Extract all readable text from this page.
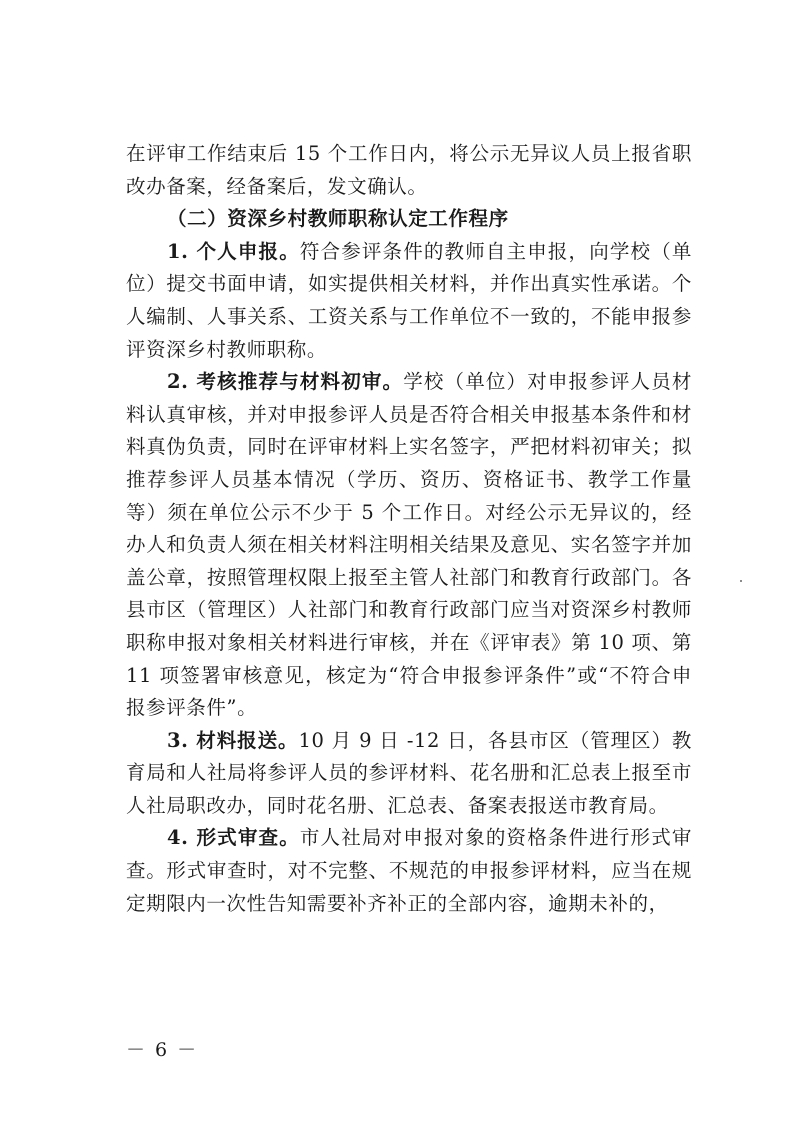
在评审工作结束后 15 个工作日内，将公示无异议人员上报省职改办备案，经备案后，发文确认。

（二）资深乡村教师职称认定工作程序

1. 个人申报。符合参评条件的教师自主申报，向学校（单位）提交书面申请，如实提供相关材料，并作出真实性承诺。个人编制、人事关系、工资关系与工作单位不一致的，不能申报参评资深乡村教师职称。

2. 考核推荐与材料初审。学校（单位）对申报参评人员材料认真审核，并对申报参评人员是否符合相关申报基本条件和材料真伪负责，同时在评审材料上实名签字，严把材料初审关；拟推荐参评人员基本情况（学历、资历、资格证书、教学工作量等）须在单位公示不少于 5 个工作日。对经公示无异议的，经办人和负责人须在相关材料注明相关结果及意见、实名签字并加盖公章，按照管理权限上报至主管人社部门和教育行政部门。各县市区（管理区）人社部门和教育行政部门应当对资深乡村教师职称申报对象相关材料进行审核，并在《评审表》第 10 项、第 11 项签署审核意见，核定为“符合申报参评条件”或“不符合申报参评条件”。

3. 材料报送。10 月 9 日 -12 日，各县市区（管理区）教育局和人社局将参评人员的参评材料、花名册和汇总表上报至市人社局职改办，同时花名册、汇总表、备案表报送市教育局。

4. 形式审查。市人社局对申报对象的资格条件进行形式审查。形式审查时，对不完整、不规范的申报参评材料，应当在规定期限内一次性告知需要补齐补正的全部内容，逾期未补的，

－ 6 －
